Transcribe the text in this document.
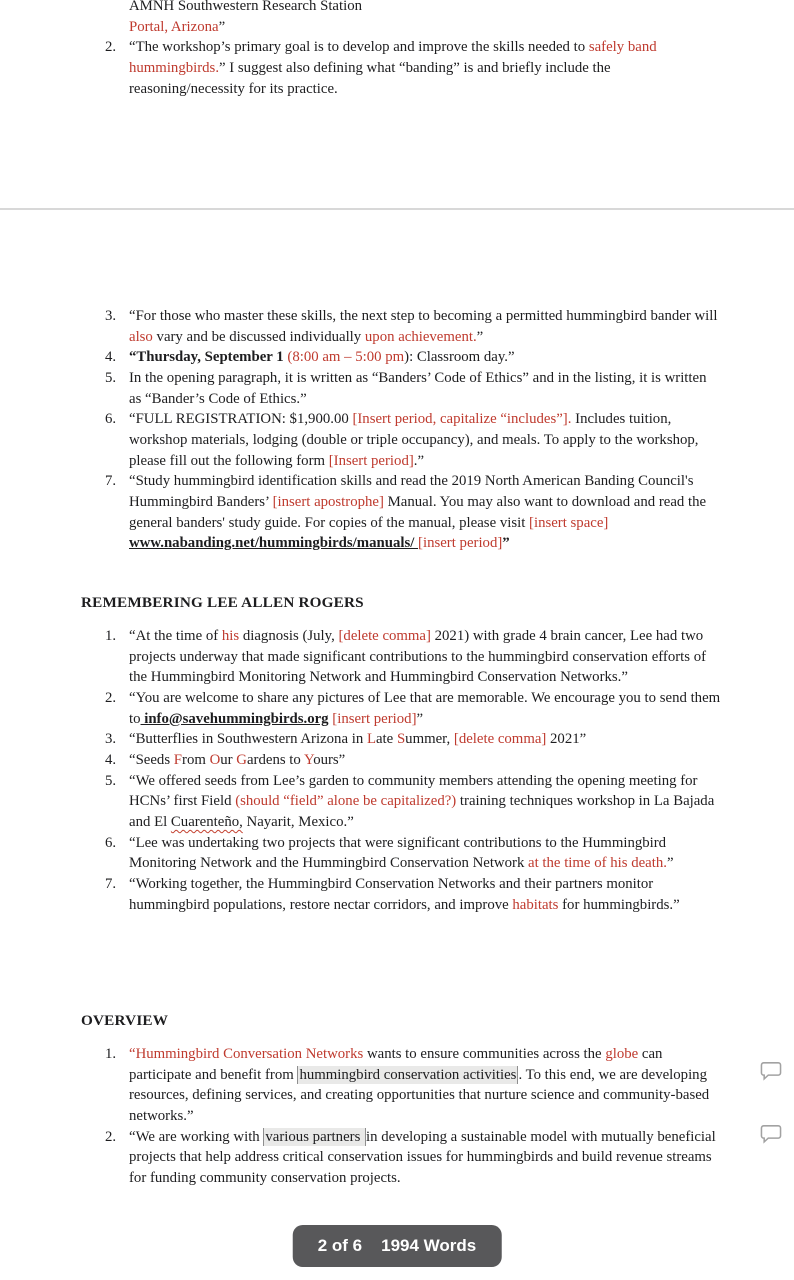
AMNH Southwestern Research Station
Portal, Arizona”
2. “The workshop’s primary goal is to develop and improve the skills needed to safely band hummingbirds.” I suggest also defining what “banding” is and briefly include the reasoning/necessity for its practice.
3. “For those who master these skills, the next step to becoming a permitted hummingbird bander will also vary and be discussed individually upon achievement.”
4. “Thursday, September 1 (8:00 am – 5:00 pm): Classroom day.”
5. In the opening paragraph, it is written as “Banders’ Code of Ethics” and in the listing, it is written as “Bander’s Code of Ethics.”
6. “FULL REGISTRATION: $1,900.00 [Insert period, capitalize “includes”]. Includes tuition, workshop materials, lodging (double or triple occupancy), and meals. To apply to the workshop, please fill out the following form [Insert period].”
7. “Study hummingbird identification skills and read the 2019 North American Banding Council's Hummingbird Banders’ [insert apostrophe] Manual. You may also want to download and read the general banders' study guide. For copies of the manual, please visit [insert space] www.nabanding.net/hummingbirds/manuals/ [insert period]”
REMEMBERING LEE ALLEN ROGERS
1. “At the time of his diagnosis (July, [delete comma] 2021) with grade 4 brain cancer, Lee had two projects underway that made significant contributions to the hummingbird conservation efforts of the Hummingbird Monitoring Network and Hummingbird Conservation Networks.”
2. “You are welcome to share any pictures of Lee that are memorable. We encourage you to send them to info@savehummingbirds.org [insert period]”
3. “Butterflies in Southwestern Arizona in Late Summer, [delete comma] 2021”
4. “Seeds From Our Gardens to Yours”
5. “We offered seeds from Lee’s garden to community members attending the opening meeting for HCNs’ first Field (should “field” alone be capitalized?) training techniques workshop in La Bajada and El Cuarenteño, Nayarit, Mexico.”
6. “Lee was undertaking two projects that were significant contributions to the Hummingbird Monitoring Network and the Hummingbird Conservation Network at the time of his death.”
7. “Working together, the Hummingbird Conservation Networks and their partners monitor hummingbird populations, restore nectar corridors, and improve habitats for hummingbirds.”
OVERVIEW
1. “Hummingbird Conversation Networks wants to ensure communities across the globe can participate and benefit from hummingbird conservation activities . To this end, we are developing resources, defining services, and creating opportunities that nurture science and community-based networks.”
2. “We are working with various partners in developing a sustainable model with mutually beneficial projects that help address critical conservation issues for hummingbirds and build revenue streams for funding community conservation projects.
2 of 6 1994 Words
